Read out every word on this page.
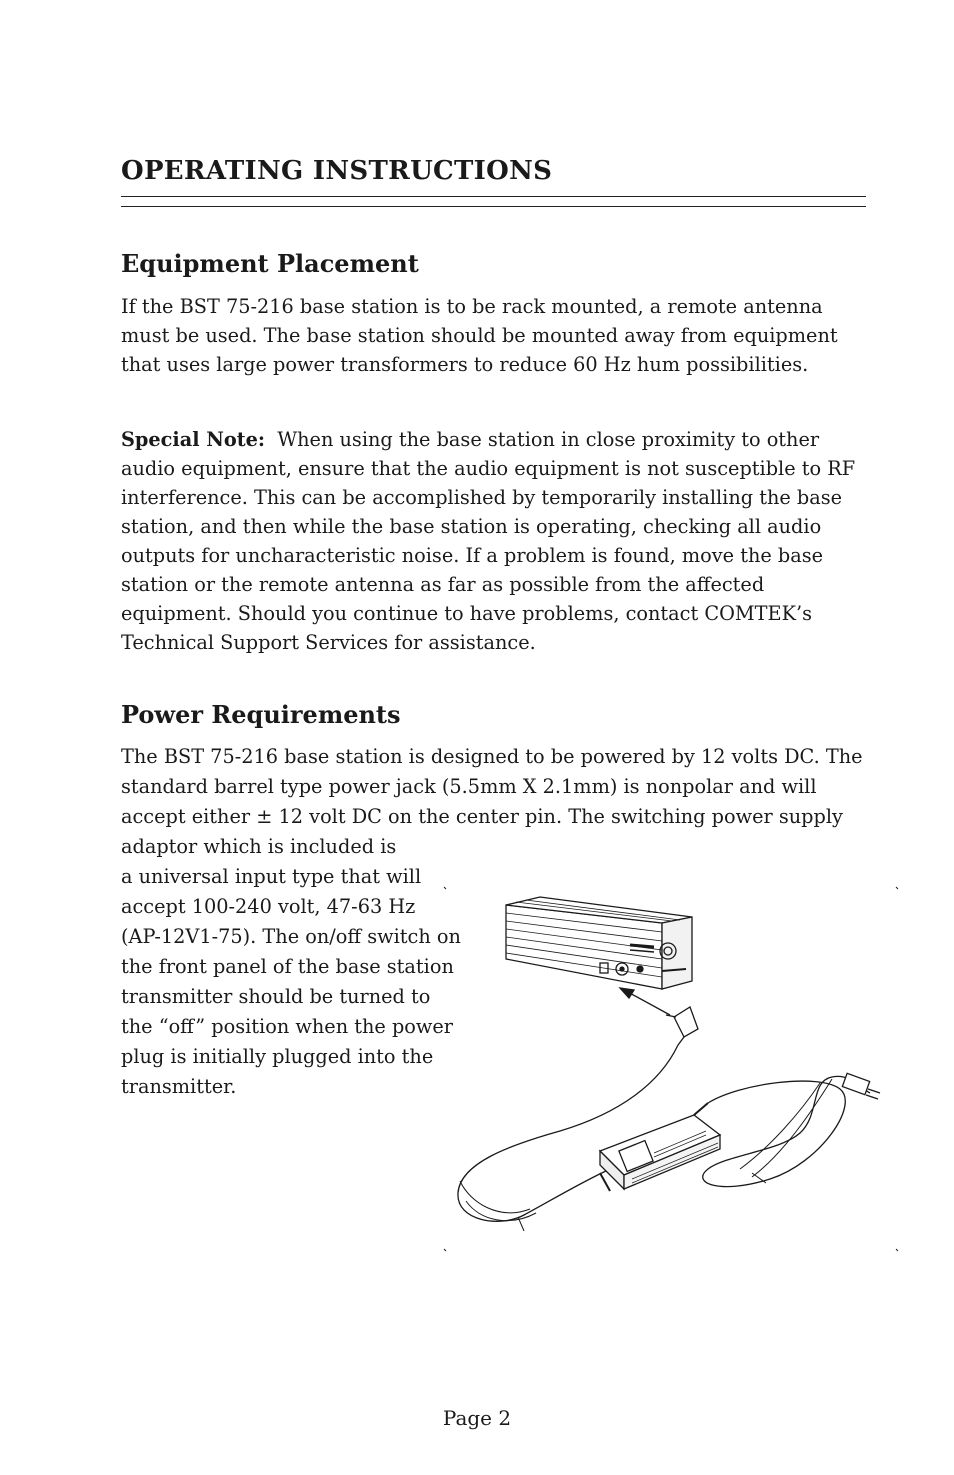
OPERATING INSTRUCTIONS
Equipment Placement

If the BST 75-216 base station is to be rack mounted, a remote antenna must be used. The base station should be mounted away from equipment that uses large power transformers to reduce 60 Hz hum possibilities.

Special Note: When using the base station in close proximity to other audio equipment, ensure that the audio equipment is not susceptible to RF interference. This can be accomplished by temporarily installing the base station, and then while the base station is operating, checking all audio outputs for uncharacteristic noise. If a problem is found, move the base station or the remote antenna as far as possible from the affected equipment. Should you continue to have problems, contact COMTEK’s Technical Support Services for assistance.

Power Requirements

The BST 75-216 base station is designed to be powered by 12 volts DC. The standard barrel type power jack (5.5mm X 2.1mm) is nonpolar and will accept either ± 12 volt DC on the center pin. The switching power supply adaptor which is included is

a universal input type that will accept 100-240 volt, 47-63 Hz (AP-12V1-75). The on/off switch on the front panel of the base station transmitter should be turned to the “off” position when the power plug is initially plugged into the transmitter.

Page 2
